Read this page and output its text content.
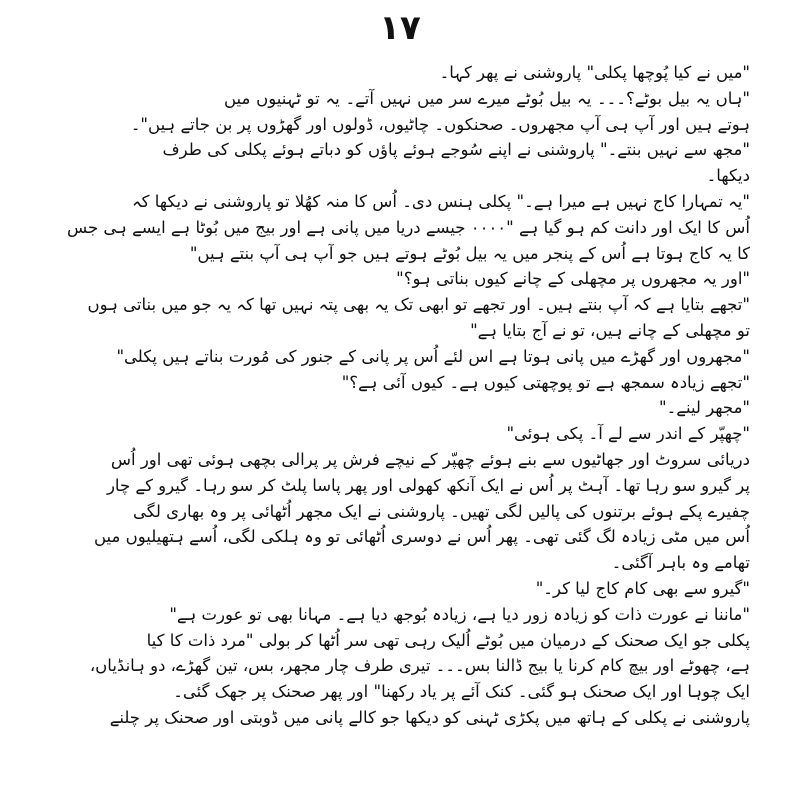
۱۷
"میں نے کیا پُوچھا پکلی" پاروشنی نے پھر کہا۔
"ہاں یہ بیل بوٹے؟۔۔۔ یہ بیل بُوٹے میرے سر میں نہیں آتے۔ یہ تو ٹہنیوں میں
ہوتے ہیں اور آپ ہی آپ مجھروں۔ صحنکوں۔ چاٹیوں، ڈولوں اور گھڑوں پر بن جاتے ہیں"۔
"مجھ سے نہیں بنتے۔" پاروشنی نے اپنے سُوجے ہوئے پاؤں کو دباتے ہوئے پکلی کی طرف
دیکھا۔
"یہ تمہارا کاج نہیں ہے میرا ہے۔" پکلی ہنس دی۔ اُس کا منہ کھُلا تو پاروشنی نے دیکھا کہ
اُس کا ایک اور دانت کم ہو گیا ہے "۰۰۰۰ جیسے دریا میں پانی ہے اور بیج میں بُوٹا ہے ایسے ہی جس
کا یہ کاج ہوتا ہے اُس کے پنجر میں یہ بیل بُوٹے ہوتے ہیں جو آپ ہی آپ بنتے ہیں"
"اور یہ مجھروں پر مچھلی کے چانے کیوں بناتی ہو؟"
"تجھے بتایا ہے کہ آپ بنتے ہیں۔ اور تجھے تو ابھی تک یہ بھی پتہ نہیں تھا کہ یہ جو میں بناتی ہوں
تو مچھلی کے چانے ہیں، تو نے آج بتایا ہے"
"مجھروں اور گھڑے میں پانی ہوتا ہے اس لئے اُس پر پانی کے جنور کی مُورت بناتے ہیں پکلی"
"تجھے زیادہ سمجھ ہے تو پوچھتی کیوں ہے۔ کیوں آئی ہے؟"
"مجھر لینے۔"
"چھپّر کے اندر سے لے آ۔ پکی ہوئی"
دریائی سروٹ اور جھاٹیوں سے بنے ہوئے چھپّر کے نیچے فرش پر پرالی بچھی ہوئی تھی اور اُس
پر گیرو سو رہا تھا۔ آہٹ پر اُس نے ایک آنکھ کھولی اور پھر پاسا پلٹ کر سو رہا۔ گیرو کے چار
چفیرے پکے ہوئے برتنوں کی پالیں لگی تھیں۔ پاروشنی نے ایک مجھر اُٹھائی پر وہ بھاری لگی
اُس میں مٹی زیادہ لگ گئی تھی۔ پھر اُس نے دوسری اُٹھائی تو وہ ہلکی لگی، اُسے ہتھیلیوں میں
تھامے وہ باہر آگئی۔
"گیرو سے بھی کام کاج لیا کر۔"
"ماننا نے عورت ذات کو زیادہ زور دیا ہے، زیادہ بُوجھ دیا ہے۔ مہانا بھی تو عورت ہے"
پکلی جو ایک صحنک کے درمیان میں بُوٹے اُلیک رہی تھی سر اُٹھا کر بولی "مرد ذات کا کیا
ہے، چھوٹے اور بیچ کام کرنا یا بیج ڈالنا بس۔۔۔ تیری طرف چار مجھر، بس، تین گھڑے، دو ہانڈیاں،
ایک چوہا اور ایک صحنک ہو گئی۔ کنک آئے پر یاد رکھنا" اور پھر صحنک پر جھک گئی۔
پاروشنی نے پکلی کے ہاتھ میں پکڑی ٹہنی کو دیکھا جو کالے پانی میں ڈوبتی اور صحنک پر چلنے
